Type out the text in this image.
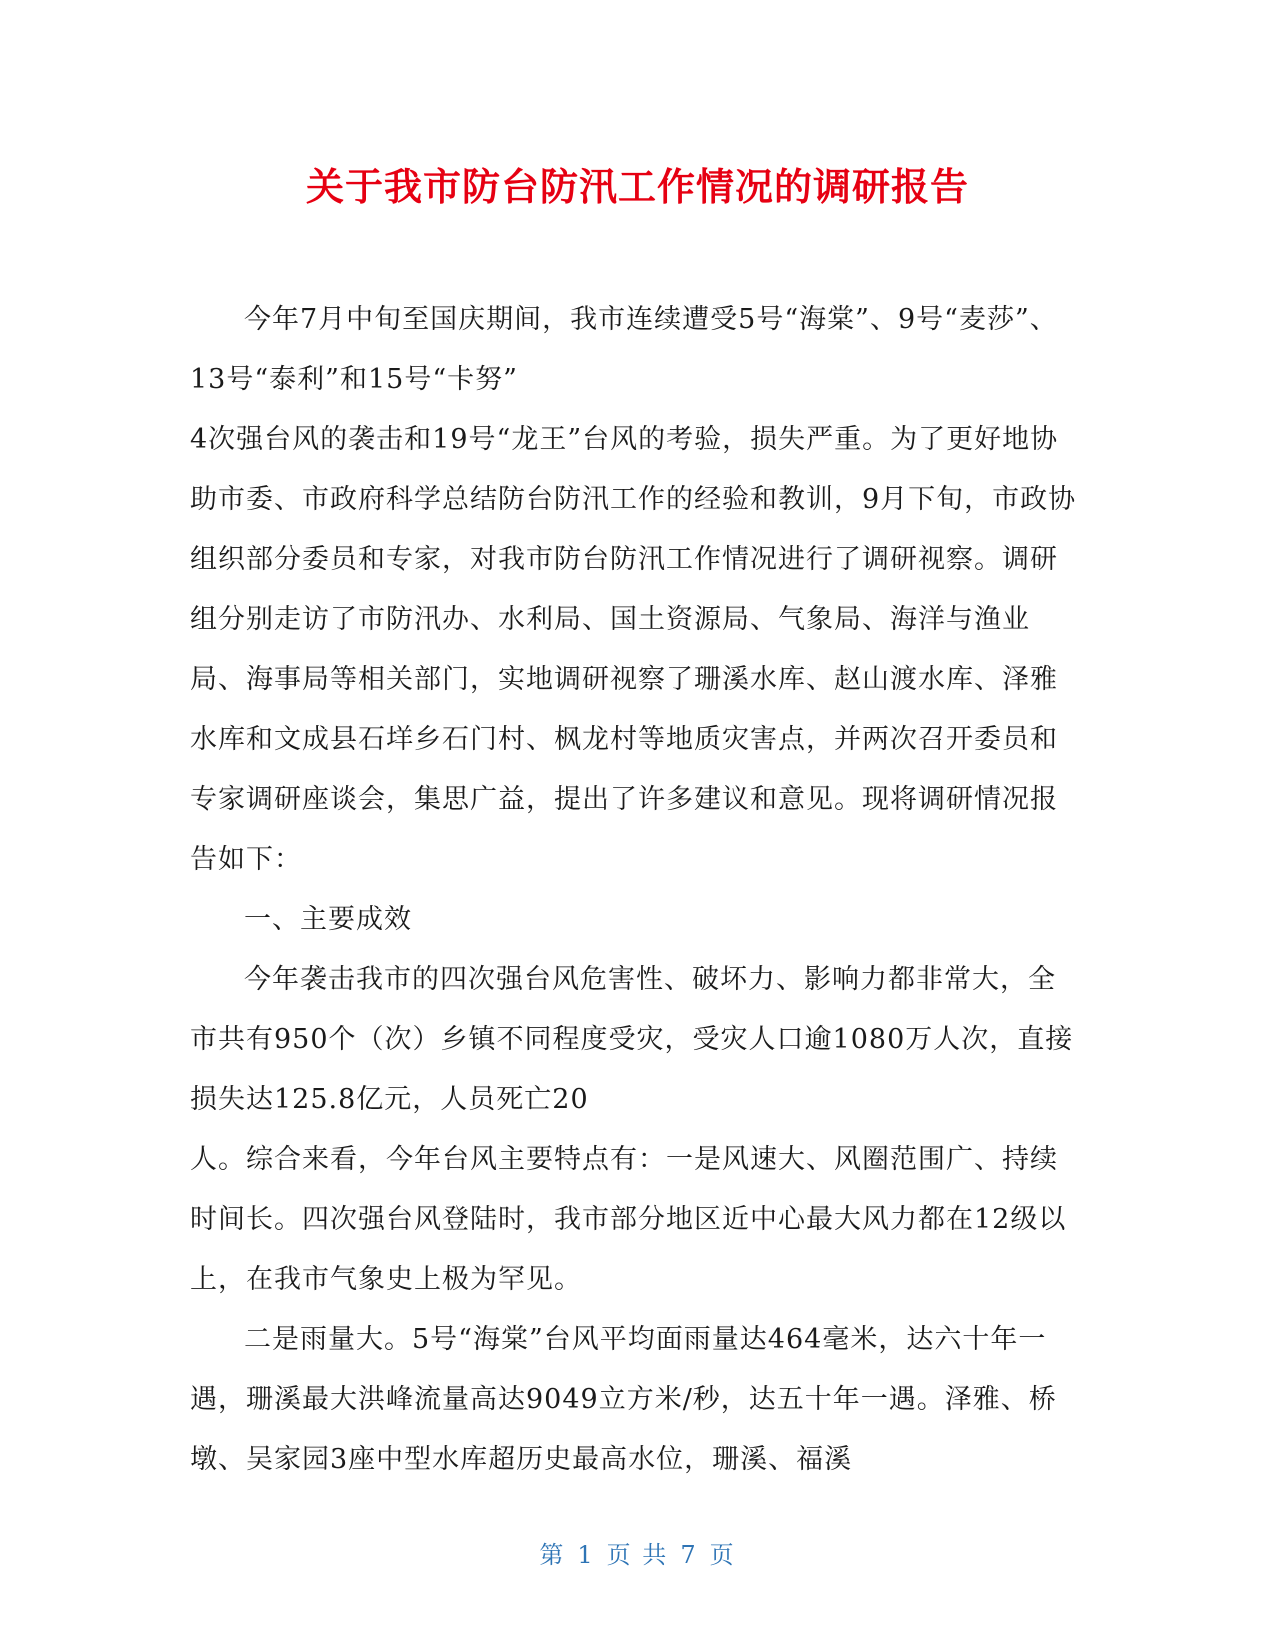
关于我市防台防汛工作情况的调研报告

今年7月中旬至国庆期间，我市连续遭受5号“海棠”、9号“麦莎”、 13号“泰利”和15号“卡努”

4次强台风的袭击和19号“龙王”台风的考验，损失严重。为了更好地协助市委、市政府科学总结防台防汛工作的经验和教训，9月下旬，市政协组织部分委员和专家，对我市防台防汛工作情况进行了调研视察。调研组分别走访了市防汛办、水利局、国土资源局、气象局、海洋与渔业局、海事局等相关部门，实地调研视察了珊溪水库、赵山渡水库、泽雅水库和文成县石垟乡石门村、枫龙村等地质灾害点，并两次召开委员和专家调研座谈会，集思广益，提出了许多建议和意见。现将调研情况报告如下：

一、主要成效

今年袭击我市的四次强台风危害性、破坏力、影响力都非常大，全市共有950个（次）乡镇不同程度受灾，受灾人口逾1080万人次，直接损失达125.8亿元，人员死亡20

人。综合来看，今年台风主要特点有：一是风速大、风圈范围广、持续时间长。四次强台风登陆时，我市部分地区近中心最大风力都在12级以上，在我市气象史上极为罕见。

二是雨量大。5号“海棠”台风平均面雨量达464毫米，达六十年一遇，珊溪最大洪峰流量高达9049立方米/秒，达五十年一遇。泽雅、桥墩、吴家园3座中型水库超历史最高水位，珊溪、福溪

第 1 页 共 7 页
